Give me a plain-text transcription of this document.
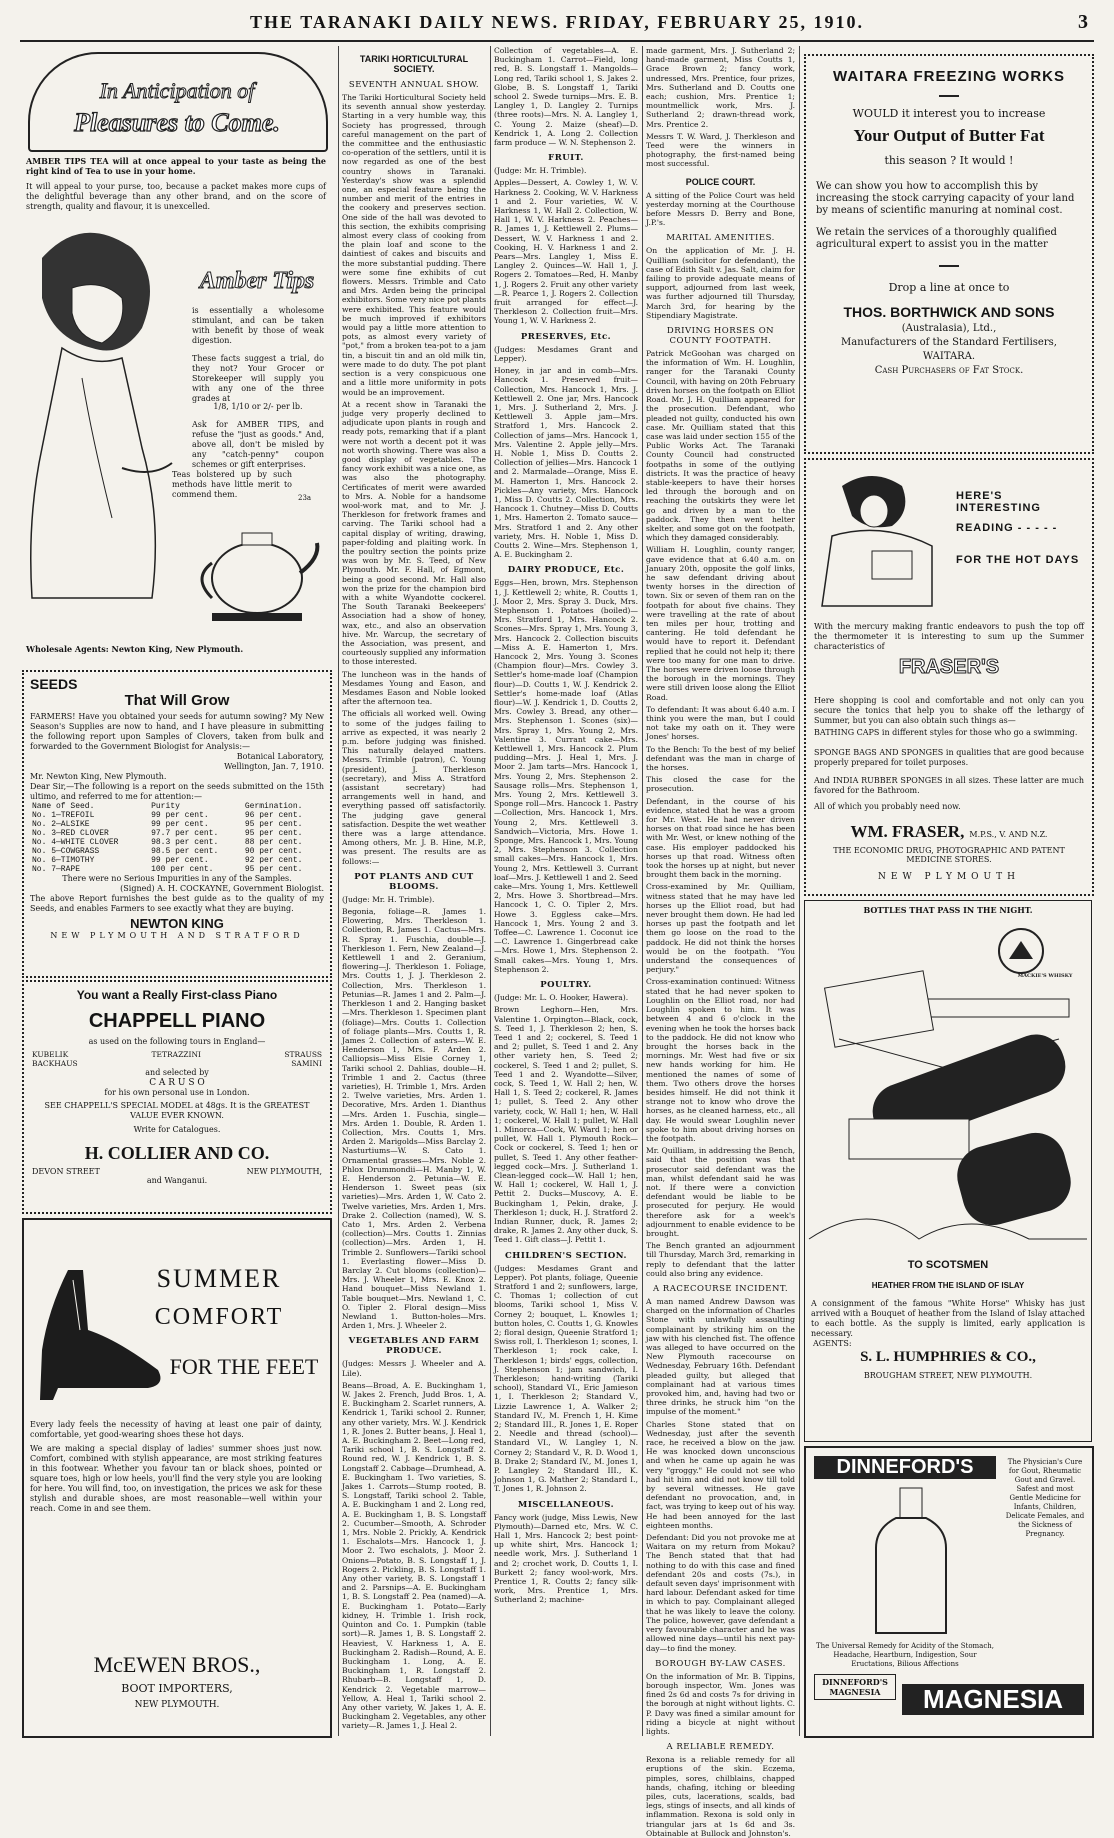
THE TARANAKI DAILY NEWS. FRIDAY, FEBRUARY 25, 1910.	3
In Anticipation of
Pleasures to Come.
AMBER TIPS TEA will at once appeal to your taste as being the right kind of Tea to use in your home.
It will appeal to your purse, too, because a packet makes more cups of the delightful beverage than any other brand, and on the score of strength, quality and flavour, it is unexcelled.
Amber Tips
is essentially a wholesome stimulant, and can be taken with benefit by those of weak digestion.
These facts suggest a trial, do they not? Your Grocer or Storekeeper will supply you with any one of the three grades at
1/8, 1/10 or 2/- per lb.
Ask for AMBER TIPS, and refuse the "just as goods." And, above all, don't be misled by any "catch-penny" coupon schemes or gift enterprises.
Teas bolstered up by such methods have little merit to commend them.	23a
Wholesale Agents: Newton King, New Plymouth.
SEEDS
That Will Grow
FARMERS! Have you obtained your seeds for autumn sowing? My New Season's Supplies are now to hand, and I have pleasure in submitting the following report upon Samples of Clovers, taken from bulk and forwarded to the Government Biologist for Analysis:—
Botanical Laboratory,
Wellington, Jan. 7, 1910.
Mr. Newton King, New Plymouth.
Dear Sir,—The following is a report on the seeds submitted on the 15th ultimo, and referred to me for attention:—
Name of Seed.	Purity	Germination.
No. 1—TREFOIL	99 per cent.	96 per cent.
No. 2—ALSIKE	99 per cent.	95 per cent.
No. 3—RED CLOVER	97.7 per cent.	95 per cent.
No. 4—WHITE CLOVER	98.3 per cent.	88 per cent.
No. 5—COWGRASS	98.5 per cent.	90 per cent.
No. 6—TIMOTHY	99 per cent.	92 per cent.
No. 7—RAPE	100 per cent.	95 per cent.
There were no Serious Impurities in any of the Samples.
(Signed) A. H. COCKAYNE, Government Biologist.
The above Report furnishes the best guide as to the quality of my Seeds, and enables Farmers to see exactly what they are buying.
NEWTON KING
NEW PLYMOUTH AND STRATFORD
You want a Really First-class Piano
CHAPPELL PIANO
as used on the following tours in England—
KUBELIK	TETRAZZINI	STRAUSS
BACKHAUS	SAMINI
and selected by
C A R U S O
for his own personal use in London.
SEE CHAPPELL'S SPECIAL MODEL at 48gs. It is the GREATEST VALUE EVER KNOWN.
Write for Catalogues.
H. COLLIER AND CO.
DEVON STREET	NEW PLYMOUTH,
and Wanganui.
SUMMER
COMFORT
FOR THE FEET
Every lady feels the necessity of having at least one pair of dainty, comfortable, yet good-wearing shoes these hot days.
We are making a special display of ladies' summer shoes just now. Comfort, combined with stylish appearance, are most striking features in this footwear. Whether you favour tan or black shoes, pointed or square toes, high or low heels, you'll find the very style you are looking for here. You will find, too, on investigation, the prices we ask for these stylish and durable shoes, are most reasonable—well within your reach. Come in and see them.
McEWEN BROS.,
BOOT IMPORTERS,
NEW PLYMOUTH.
TARIKI HORTICULTURAL SOCIETY.
SEVENTH ANNUAL SHOW.

The Tariki Horticultural Society held its seventh annual show yesterday. Starting in a very humble way, this Society has progressed, through careful management on the part of the committee and the enthusiastic co-operation of the settlers, until it is now regarded as one of the best country shows in Taranaki. Yesterday's show was a splendid one, an especial feature being the number and merit of the entries in the cookery and preserves section. One side of the hall was devoted to this section, the exhibits comprising almost every class of cooking from the plain loaf and scone to the daintiest of cakes and biscuits and the more substantial pudding. There were some fine exhibits of cut flowers. Messrs. Trimble and Cato and Mrs. Arden being the principal exhibitors. Some very nice pot plants were exhibited. This feature would be much improved if exhibitors would pay a little more attention to pots, as almost every variety of "pot," from a broken tea-pot to a jam tin, a biscuit tin and an old milk tin, were made to do duty. The pot plant section is a very conspicuous one and a little more uniformity in pots would be an improvement.

At a recent show in Taranaki the judge very properly declined to adjudicate upon plants in rough and ready pots, remarking that if a plant were not worth a decent pot it was not worth showing. There was also a good display of vegetables. The fancy work exhibit was a nice one, as was also the photography. Certificates of merit were awarded to Mrs. A. Noble for a handsome wool-work mat, and to Mr. J. Therkleson for fretwork frames and carving. The Tariki school had a capital display of writing, drawing, paper-folding and plaiting work. In the poultry section the points prize was won by Mr. S. Teed, of New Plymouth. Mr. F. Hall, of Egmont, being a good second. Mr. Hall also won the prize for the champion bird with a white Wyandotte cockerel. The South Taranaki Beekeepers' Association had a show of honey, wax, etc., and also an observation hive. Mr. Warcup, the secretary of the Association, was present, and courteously supplied any information to those interested.

The luncheon was in the hands of Mesdames Young and Eason, and Mesdames Eason and Noble looked after the afternoon tea.

The officials all worked well. Owing to some of the judges failing to arrive as expected, it was nearly 2 p.m. before judging was finished. This naturally delayed matters. Messrs. Trimble (patron), C. Young (president), J. Therkleson (secretary), and Miss A. Stratford (assistant secretary) had arrangements well in hand, and everything passed off satisfactorily. The judging gave general satisfaction. Despite the wet weather there was a large attendance. Among others, Mr. J. B. Hine, M.P., was present. The results are as follows:—

POT PLANTS AND CUT BLOOMS.
(Judge: Mr. H. Trimble).

Begonia, foliage—R. James 1. Flowering, Mrs. Therkleson 1. Collection, R. James 1. Cactus—Mrs. R. Spray 1. Fuschia, double—J. Therkleson 1. Fern, New Zealand—J. Kettlewell 1 and 2. Geranium, flowering—J. Therkleson 1. Foliage, Mrs. Coutts 1, J. J. Therkleson 2. Collection, Mrs. Therkleson 1. Petunias—R. James 1 and 2. Palm—J. Therkleson 1 and 2. Hanging basket—Mrs. Therkleson 1. Specimen plant (foliage)—Mrs. Coutts 1. Collection of foliage plants—Mrs. Coutts 1, R. James 2. Collection of asters—W. E. Henderson 1, Mrs. F. Arden 2. Calliopsis—Miss Elsie Corney 1, Tariki school 2. Dahlias, double—H. Trimble 1 and 2. Cactus (three varieties), H. Trimble 1, Mrs. Arden 2. Twelve varieties, Mrs. Arden 1. Decorative, Mrs. Arden 1. Dianthus—Mrs. Arden 1. Fuschia, single—Mrs. Arden 1. Double, R. Arden 1. Collection, Mrs. Coutts 1, Mrs. Arden 2. Marigolds—Miss Barclay 2. Nasturtiums—W. S. Cato 1. Ornamental grasses—Mrs. Noble 2. Phlox Drummondii—H. Manby 1, W. E. Henderson 2. Petunia—W. E. Henderson 1. Sweet peas (six varieties)—Mrs. Arden 1, W. Cato 2. Twelve varieties, Mrs. Arden 1, Mrs. Drake 2. Collection (named), W. S. Cato 1, Mrs. Arden 2. Verbena (collection)—Mrs. Coutts 1. Zinnias (collection)—Mrs. Arden 1, H. Trimble 2. Sunflowers—Tariki school 1. Everlasting flower—Miss D. Barclay 2. Cut blooms (collection)—Mrs. J. Wheeler 1, Mrs. E. Knox 2. Hand bouquet—Miss Newland 1. Table bouquet—Mrs. Newland 1, C. O. Tipler 2. Floral design—Miss Newland 1. Button-holes—Mrs. Arden 1, Mrs. J. Wheeler 2.

VEGETABLES AND FARM PRODUCE.
(Judges: Messrs J. Wheeler and A. Lile).

Beans—Broad, A. E. Buckingham 1, W. Jakes 2. French, Judd Bros. 1, A. E. Buckingham 2. Scarlet runners, A. Kendrick 1, Tariki school 2. Runner, any other variety, Mrs. W. J. Kendrick 1, R. Jones 2. Butter beans, J. Heal 1, A. E. Buckingham 2. Beet—Long red, Tariki school 1, B. S. Longstaff 2. Round red, W. J. Kendrick 1, B. S. Longstaff 2. Cabbage—Drumhead, A. E. Buckingham 1. Two varieties, S. Jakes 1. Carrots—Stump rooted, B. S. Longstaff, Tariki school 2. Table, A. E. Buckingham 1 and 2. Long red, A. E. Buckingham 1, B. S. Longstaff 2. Cucumber—Smooth, A. Schroder 1, Mrs. Noble 2. Prickly, A. Kendrick 1. Eschalots—Mrs. Hancock 1, J. Moor 2. Two eschalots, J. Moor 2. Onions—Potato, B. S. Longstaff 1, J. Rogers 2. Pickling, B. S. Longstaff 1. Any other variety, B. S. Longstaff 1 and 2. Parsnips—A. E. Buckingham 1, B. S. Longstaff 2. Pea (named)—A. E. Buckingham 1. Potato—Early kidney, H. Trimble 1. Irish rock, Quinton and Co. 1. Pumpkin (table sort)—R. James 1, B. S. Longstaff 2. Heaviest, V. Harkness 1, A. E. Buckingham 2. Radish—Round, A. E. Buckingham 1. Long, A. E. Buckingham 1, R. Longstaff 2. Rhubarb—B. Longstaff 1, D. Kendrick 2. Vegetable marrow—Yellow, A. Heal 1, Tariki school 2. Any other variety, W. Jakes 1, A. E. Buckingham 2. Vegetables, any other variety—R. James 1, J. Heal 2.

Collection of vegetables—A. E. Buckingham 1. Carrot—Field, long red, B. S. Longstaff 1. Mangolds—Long red, Tariki school 1, S. Jakes 2. Globe, B. S. Longstaff 1, Tariki school 2. Swede turnips—Mrs. E. B. Langley 1, D. Langley 2. Turnips (three roots)—Mrs. N. A. Langley 1, C. Young 2. Maize (sheaf)—D. Kendrick 1, A. Long 2. Collection farm produce — W. N. Stephenson 2.

FRUIT.
(Judge: Mr. H. Trimble).

Apples—Dessert, A. Cowley 1, W. V. Harkness 2. Cooking, W. V. Harkness 1 and 2. Four varieties, W. V. Harkness 1, W. Hall 2. Collection, W. Hall 1, W. V. Harkness 2. Peaches—R. James 1, J. Kettlewell 2. Plums—Dessert, W. V. Harkness 1 and 2. Cooking, H. V. Harkness 1 and 2. Pears—Mrs. Langley 1, Miss E. Langley 2. Quinces—W. Hall 1, J. Rogers 2. Tomatoes—Red, H. Manby 1, J. Rogers 2. Fruit any other variety—R. Pearce 1, J. Rogers 2. Collection fruit arranged for effect—J. Therkleson 2. Collection fruit—Mrs. Young 1, W. V. Harkness 2.

PRESERVES, Etc.
(Judges: Mesdames Grant and Lepper).

Honey, in jar and in comb—Mrs. Hancock 1. Preserved fruit—Collection, Mrs. Hancock 1, Mrs. J. Kettlewell 2. One jar, Mrs. Hancock 1, Mrs. J. Sutherland 2, Mrs. J. Kettlewell 3. Apple jam—Mrs. Stratford 1, Mrs. Hancock 2. Collection of jams—Mrs. Hancock 1, Mrs. Valentine 2. Apple jelly—Mrs. H. Noble 1, Miss D. Coutts 2. Collection of jellies—Mrs. Hancock 1 and 2. Marmalade—Orange, Miss E. M. Hamerton 1, Mrs. Hancock 2. Pickles—Any variety, Mrs. Hancock 1, Miss D. Coutts 2. Collection, Mrs. Hancock 1. Chutney—Miss D. Coutts 1, Mrs. Hamerton 2. Tomato sauce—Mrs. Stratford 1 and 2. Any other variety, Mrs. H. Noble 1, Miss D. Coutts 2. Wine—Mrs. Stephenson 1, A. E. Buckingham 2.

DAIRY PRODUCE, Etc.

Eggs—Hen, brown, Mrs. Stephenson 1, J. Kettlewell 2; white, R. Coutts 1, J. Moor 2, Mrs. Spray 3. Duck, Mrs. Stephenson 1. Potatoes (boiled)—Mrs. Stratford 1, Mrs. Hancock 2. Scones—Mrs. Spray 1, Mrs. Young 3, Mrs. Hancock 2. Collection biscuits—Miss A. E. Hamerton 1, Mrs. Hancock 2, Mrs. Young 3. Scones (Champion flour)—Mrs. Cowley 3. Settler's home-made loaf (Champion flour)—D. Coutts 1, W. J. Kendrick 2. Settler's home-made loaf (Atlas flour)—W. J. Kendrick 1, D. Coutts 2, Mrs. Cowley 3. Bread, any other—Mrs. Stephenson 1. Scones (six)—Mrs. Spray 1, Mrs. Young 2, Mrs. Valentine 3. Currant cake—Mrs. Kettlewell 1, Mrs. Hancock 2. Plum pudding—Mrs. J. Heal 1, Mrs. J. Moor 2. Jam tarts—Mrs. Hancock 1, Mrs. Young 2, Mrs. Stephenson 2. Sausage rolls—Mrs. Stephenson 1, Mrs. Young 2, Mrs. Kettlewell 3. Sponge roll—Mrs. Hancock 1. Pastry—Collection, Mrs. Hancock 1, Mrs. Young 2, Mrs. Kettlewell 3. Sandwich—Victoria, Mrs. Howe 1. Sponge, Mrs. Hancock 1, Mrs. Young 2, Mrs. Stephenson 3. Collection small cakes—Mrs. Hancock 1, Mrs. Young 2, Mrs. Kettlewell 3. Currant loaf—Mrs. J. Kettlewell 1 and 2. Seed cake—Mrs. Young 1, Mrs. Kettlewell 2, Mrs. Howe 3. Shortbread—Mrs. Hancock 1, C. O. Tipler 2, Mrs. Howe 3. Eggless cake—Mrs. Hancock 1, Mrs. Young 2 and 3. Toffee—C. Lawrence 1. Coconut ice—C. Lawrence 1. Gingerbread cake—Mrs. Howe 1, Mrs. Stephenson 2. Small cakes—Mrs. Young 1, Mrs. Stephenson 2.

POULTRY.
(Judge: Mr. L. O. Hooker, Hawera).

Brown Leghorn—Hen, Mrs. Valentine 1. Orpington—Black, cock, S. Teed 1, J. Therkleson 2; hen, S. Teed 1 and 2; cockerel, S. Teed 1 and 2; pullet, S. Teed 1 and 2. Any other variety hen, S. Teed 2; cockerel, S. Teed 1 and 2; pullet, S. Teed 1 and 2. Wyandotte—Silver, cock, S. Teed 1, W. Hall 2; hen, W. Hall 1, S. Teed 2; cockerel, R. James 1; pullet, S. Teed 2. Any other variety, cock, W. Hall 1; hen, W. Hall 1; cockerel, W. Hall 1; pullet, W. Hall 1. Minorca—Cock, W. Ward 1; hen or pullet, W. Hall 1. Plymouth Rock—Cock or cockerel, S. Teed 1; hen or pullet, S. Teed 1. Any other feather-legged cock—Mrs. J. Sutherland 1. Clean-legged cock—W. Hall 1; hen, W. Hall 1; cockerel, W. Hall 1, J. Pettit 2. Ducks—Muscovy, A. E. Buckingham 1, Pekin, drake, J. Therkleson 1; duck, H. J. Stratford 2. Indian Runner, duck, R. James 2; drake, R. James 2. Any other duck, S. Teed 1. Gift class—J. Pettit 1.

CHILDREN'S SECTION.

(Judges: Mesdames Grant and Lepper). Pot plants, foliage, Queenie Stratford 1 and 2; sunflowers, large, C. Thomas 1; collection of cut blooms, Tariki school 1, Miss V. Corney 2; bouquet, L. Knowles 1; button holes, C. Coutts 1, G. Knowles 2; floral design, Queenie Stratford 1; Swiss roll, I. Therkleson 1; scones, I. Therkleson 1; rock cake, I. Therkleson 1; birds' eggs, collection, J. Stephenson 1; jam sandwich, I. Therkleson; hand-writing (Tariki school), Standard VI., Eric Jamieson 1, I. Therkleson 2; Standard V., Lizzie Lawrence 1, A. Walker 2; Standard IV., M. French 1, H. Kime 2; Standard III., R. Jones 1, E. Roper 2. Needle and thread (school)—Standard VI., W. Langley 1, N. Corney 2; Standard V., R. D. Wood 1, B. Drake 2; Standard IV., M. Jones 1, P. Langley 2; Standard III., K. Johnson 1, G. Mather 2; Standard I., T. Jones 1, R. Johnson 2.

MISCELLANEOUS.

Fancy work (judge, Miss Lewis, New Plymouth)—Darned etc, Mrs. W. C. Hall 1, Mrs. Hancock 2; best point-up white shirt, Mrs. Hancock 1; needle work, Mrs. J. Sutherland 1 and 2; crochet work, D. Coutts 1, I. Burkett 2; fancy wool-work, Mrs. Prentice 1, R. Coutts 2; fancy silk-work, Mrs. Prentice 1, Mrs. Sutherland 2; machine-

made garment, Mrs. J. Sutherland 2; hand-made garment, Miss Coutts 1, Grace Brown 2; fancy work, undressed, Mrs. Prentice, four prizes, Mrs. Sutherland and D. Coutts one each; cushion, Mrs. Prentice 1; mountmellick work, Mrs. J. Sutherland 2; drawn-thread work, Mrs. Prentice 2.

Messrs T. W. Ward, J. Therkleson and Teed were the winners in photography, the first-named being most successful.

POLICE COURT.

A sitting of the Police Court was held yesterday morning at the Courthouse before Messrs D. Berry and Bone, J.P.'s.

MARITAL AMENITIES.

On the application of Mr. J. H. Quilliam (solicitor for defendant), the case of Edith Salt v. Jas. Salt, claim for failing to provide adequate means of support, adjourned from last week, was further adjourned till Thursday, March 3rd, for hearing by the Stipendiary Magistrate.

DRIVING HORSES ON COUNTY FOOTPATH.

Patrick McGoohan was charged on the information of Wm. H. Loughlin, ranger for the Taranaki County Council, with having on 20th February driven horses on the footpath on Elliot Road. Mr. J. H. Quilliam appeared for the prosecution. Defendant, who pleaded not guilty, conducted his own case. Mr. Quilliam stated that this case was laid under section 155 of the Public Works Act. The Taranaki County Council had constructed footpaths in some of the outlying districts. It was the practice of heavy stable-keepers to have their horses led through the borough and on reaching the outskirts they were let go and driven by a man to the paddock. They then went helter skelter, and some got on the footpath, which they damaged considerably.

William H. Loughlin, county ranger, gave evidence that at 6.40 a.m. on January 20th, opposite the golf links, he saw defendant driving about twenty horses in the direction of town. Six or seven of them ran on the footpath for about five chains. They were travelling at the rate of about ten miles per hour, trotting and cantering. He told defendant he would have to report it. Defendant replied that he could not help it; there were too many for one man to drive. The horses were driven loose through the borough in the mornings. They were still driven loose along the Elliot Road.

To defendant: It was about 6.40 a.m. I think you were the man, but I could not take my oath on it. They were Jones' horses.

To the Bench: To the best of my belief defendant was the man in charge of the horses.

This closed the case for the prosecution.

Defendant, in the course of his evidence, stated that he was a groom for Mr. West. He had never driven horses on that road since he has been with Mr. West, or knew nothing of the case. His employer paddocked his horses up that road. Witness often took the horses up at night, but never brought them back in the morning.

Cross-examined by Mr. Quilliam, witness stated that he may have led horses up the Elliot road, but had never brought them down. He had led horses up past the footpath and let them go loose on the road to the paddock. He did not think the horses would be on the footpath. "You understand the consequences of perjury."

Cross-examination continued: Witness stated that he had never spoken to Loughlin on the Elliot road, nor had Loughlin spoken to him. It was between 4 and 6 o'clock in the evening when he took the horses back to the paddock. He did not know who brought the horses back in the mornings. Mr. West had five or six new hands working for him. He mentioned the names of some of them. Two others drove the horses besides himself. He did not think it strange not to know who drove the horses, as he cleaned harness, etc., all day. He would swear Loughlin never spoke to him about driving horses on the footpath.

Mr. Quilliam, in addressing the Bench, said that the position was that prosecutor said defendant was the man, whilst defendant said he was not. If there were a conviction defendant would be liable to be prosecuted for perjury. He would therefore ask for a week's adjournment to enable evidence to be brought.

The Bench granted an adjournment till Thursday, March 3rd, remarking in reply to defendant that the latter could also bring any evidence.

A RACECOURSE INCIDENT.

A man named Andrew Dawson was charged on the information of Charles Stone with unlawfully assaulting complainant by striking him on the jaw with his clenched fist. The offence was alleged to have occurred on the New Plymouth racecourse on Wednesday, February 16th. Defendant pleaded guilty, but alleged that complainant had at various times provoked him, and, having had two or three drinks, he struck him "on the impulse of the moment."

Charles Stone stated that on Wednesday, just after the seventh race, he received a blow on the jaw. He was knocked down unconscious and when he came up again he was very "groggy." He could not see who had hit him and did not know till told by several witnesses. He gave defendant no provocation, and, in fact, was trying to keep out of his way. He had been annoyed for the last eighteen months.

Defendant: Did you not provoke me at Waitara on my return from Mokau? The Bench stated that that had nothing to do with this case and fined defendant 20s and costs (7s.), in default seven days' imprisonment with hard labour. Defendant asked for time in which to pay. Complainant alleged that he was likely to leave the colony. The police, however, gave defendant a very favourable character and he was allowed nine days—until his next pay-day—to find the money.

BOROUGH BY-LAW CASES.

On the information of Mr. B. Tippins, borough inspector, Wm. Jones was fined 2s 6d and costs 7s for driving in the borough at night without lights. C. P. Davy was fined a similar amount for riding a bicycle at night without lights.

A RELIABLE REMEDY.

Rexona is a reliable remedy for all eruptions of the skin. Eczema, pimples, sores, chilblains, chapped hands, chafing, itching or bleeding piles, cuts, lacerations, scalds, bad legs, stings of insects, and all kinds of inflammation. Rexona is sold only in triangular jars at 1s 6d and 3s. Obtainable at Bullock and Johnston's.

WAITARA FREEZING WORKS
WOULD it interest you to increase
Your Output of Butter Fat
this season ? It would !
We can show you how to accomplish this by increasing the stock carrying capacity of your land by means of scientific manuring at nominal cost.
We retain the services of a thoroughly qualified agricultural expert to assist you in the matter
Drop a line at once to
THOS. BORTHWICK AND SONS
(Australasia), Ltd.,
Manufacturers of the Standard Fertilisers,
WAITARA.
Cash Purchasers of Fat Stock.
HERE'S INTERESTING
READING - - - - -
FOR THE HOT DAYS
With the mercury making frantic endeavors to push the top off the thermometer it is interesting to sum up the Summer characteristics of
FRASER'S
Here shopping is cool and comfortable and not only can you secure the tonics that help you to shake off the lethargy of Summer, but you can also obtain such things as—
BATHING CAPS in different styles for those who go a swimming.
SPONGE BAGS AND SPONGES in qualities that are good because properly prepared for toilet purposes.
And INDIA RUBBER SPONGES in all sizes. These latter are much favored for the Bathroom.
All of which you probably need now.
WM. FRASER, M.P.S., V. AND N.Z.
THE ECONOMIC DRUG, PHOTOGRAPHIC AND PATENT MEDICINE STORES.
NEW PLYMOUTH
BOTTLES THAT PASS IN THE NIGHT.
MACKIE'S WHISKY
TO SCOTSMEN
HEATHER FROM THE ISLAND OF ISLAY
A consignment of the famous "White Horse" Whisky has just arrived with a Bouquet of heather from the Island of Islay attached to each bottle. As the supply is limited, early application is necessary.
AGENTS:
S. L. HUMPHRIES & CO.,
BROUGHAM STREET, NEW PLYMOUTH.
DINNEFORD'S
The Universal Remedy for Acidity of the Stomach, Headache, Heartburn, Indigestion, Sour Eructations, Bilious Affections
The Physician's Cure for Gout, Rheumatic Gout and Gravel. Safest and most Gentle Medicine for Infants, Children, Delicate Females, and the Sickness of Pregnancy.
DINNEFORD'S
MAGNESIA	MAGNESIA
